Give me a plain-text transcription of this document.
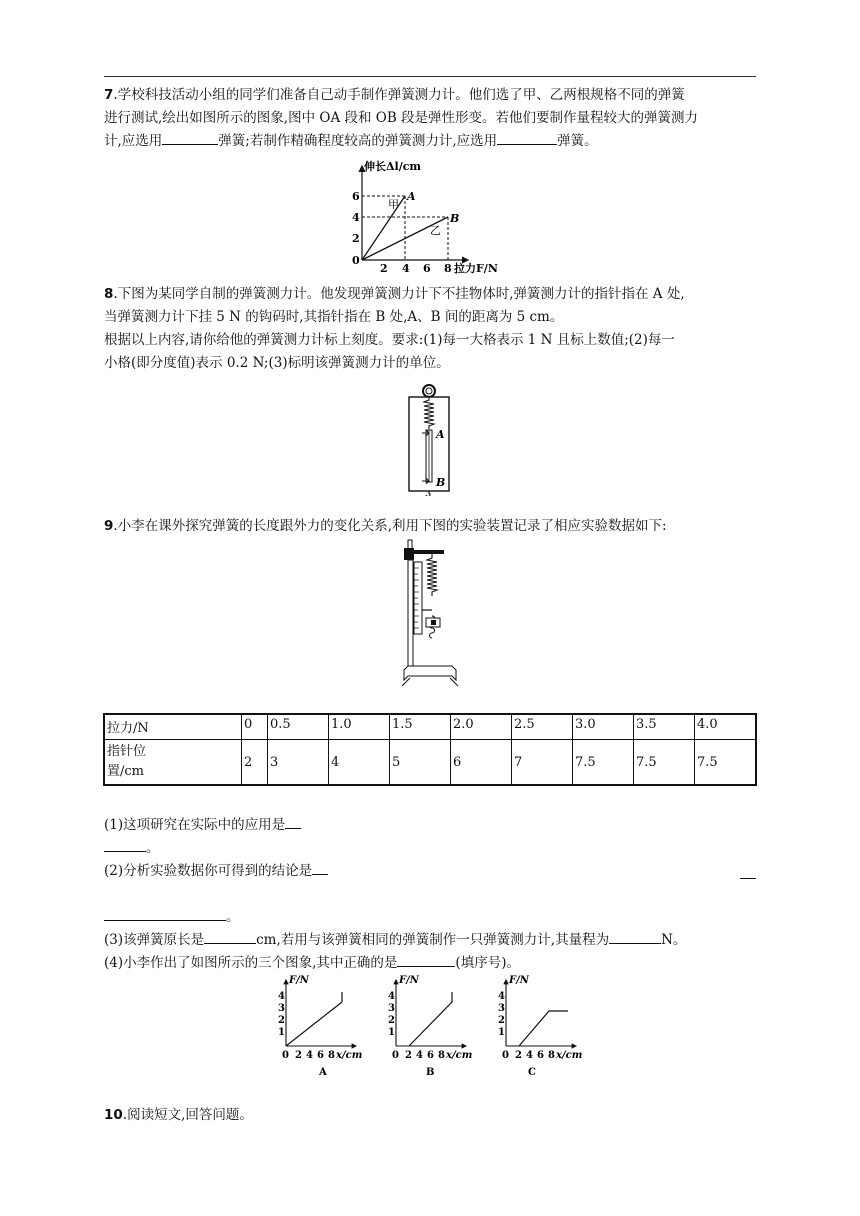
7.学校科技活动小组的同学们准备自己动手制作弹簧测力计。他们选了甲、乙两根规格不同的弹簧

进行测试,绘出如图所示的图象,图中 OA 段和 OB 段是弹性形变。若他们要制作量程较大的弹簧测力

计,应选用	弹簧;若制作精确程度较高的弹簧测力计,应选用	弹簧。

伸长Δl/cm
拉力F/N
0
2
4
6
2 4 6 8
A
B
甲
乙

8.下图为某同学自制的弹簧测力计。他发现弹簧测力计下不挂物体时,弹簧测力计的指针指在 A 处,

当弹簧测力计下挂 5 N 的钩码时,其指针指在 B 处,A、B 间的距离为 5 cm。

根据以上内容,请你给他的弹簧测力计标上刻度。要求:(1)每一大格表示 1 N 且标上数值;(2)每一

小格(即分度值)表示 0.2 N;(3)标明该弹簧测力计的单位。

A
B

9.小李在课外探究弹簧的长度跟外力的变化关系,利用下图的实验装置记录了相应实验数据如下:

拉力/N	0	0.5	1.0	1.5	2.0	2.5	3.0	3.5	4.0
指针位
置/cm	2	3	4	5	6	7	7.5	7.5	7.5

(1)这项研究在实际中的应用是

。

(2)分析实验数据你可得到的结论是

。

(3)该弹簧原长是	cm,若用与该弹簧相同的弹簧制作一只弹簧测力计,其量程为	N。

(4)小李作出了如图所示的三个图象,其中正确的是	(填序号)。

F/N	F/N	F/N
4
3
2
1
4
3
2
1
4
3
2
1
0 2 4 6 8 x/cm	0 2 4 6 8 x/cm	0 2 4 6 8 x/cm
A	B	C

10.阅读短文,回答问题。
